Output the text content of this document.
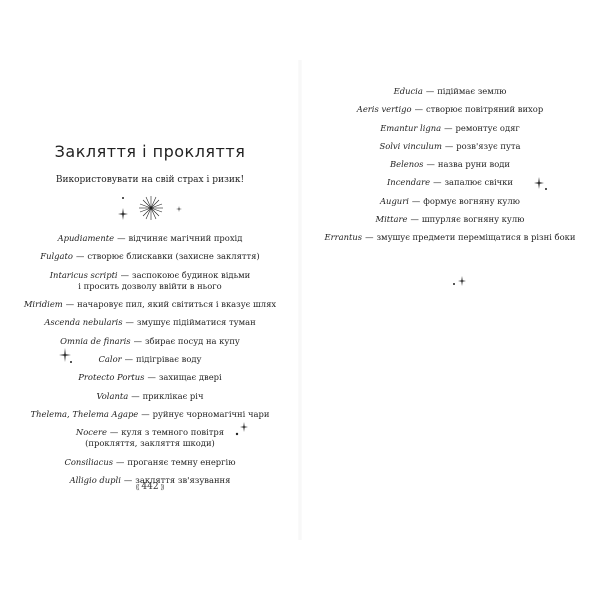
Закляття і прокляття
Використовувати на свій страх і ризик!
Apudiamente — відчиняє магічний прохід
Fulgato — створює блискавки (захисне закляття)
Intaricus scripti — заспокоює будинок відьми
і просить дозволу ввійти в нього
Miridiem — начаровує пил, який світиться і вказує шлях
Ascenda nebularis — змушує підійматися туман
Omnia de finaris — збирає посуд на купу
Calor — підігріває воду
Protecto Portus — захищає двері
Volanta — приклікає річ
Thelema, Thelema Agape — руйнує чорномагічні чари
Nocere — куля з темного повітря
(прокляття, закляття шкоди)
Consiliacus — проганяє темну енергію
Alligio dupli — закляття зв'язування
⸨ 442 ⸩
Educia — підіймає землю
Aeris vertigo — створює повітряний вихор
Emantur ligna — ремонтує одяг
Solvi vinculum — розв'язує пута
Belenos — назва руни води
Incendare — запалює свічки
Auguri — формує вогняну кулю
Mittare — шпурляє вогняну кулю
Errantus — змушує предмети переміщатися в різні боки
